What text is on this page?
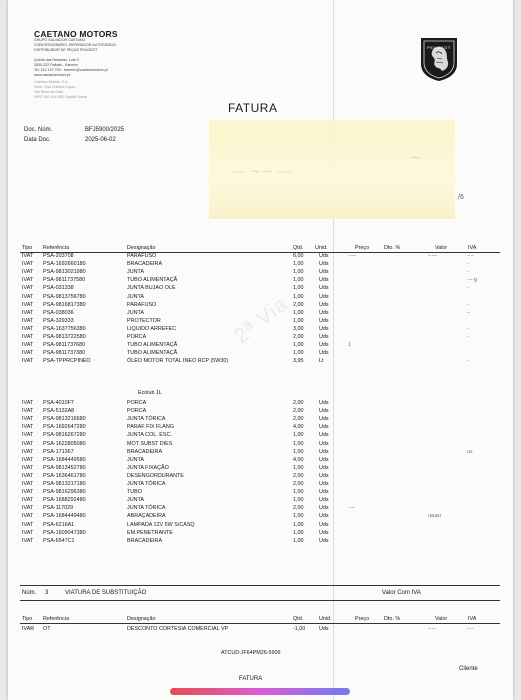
CAETANO MOTORS
GRUPO SALVADOR CAETANO
CONCESSIONÁRIO, REPARADOR AUTORIZADO,
DISTRIBUIDOR DE PEÇAS PEUGEOT
Quinta das Rebarias, Lote 5
2830-222 Palhais - Barreiro
Tel: 212 147 700 - barreiro@caetanomotors.pt
www.caetanomotors.pt
Caetano Motors, S.A.
Sede: Rua Teixeira Lopes
Vila Nova de Gaia
NIPC 500 X16 982 Capital Social
PEUGEOT
— ~~ —
~
FATURA
Doc. Núm.	BFJ5900/2025
Data Doc.	2025-06-02
/6
Tipo Referência	Designação	Qtd. Unid.	Preço	Dto. %	Valor	IVA
IVAT PSA-203708	PARAFUSO	6,00	Uds	- ----	-- ----	-- --
IVAT PSA-1692660180	BRACADEIRA	1,00	Uds	-
IVAT PSA-9813021980	JUNTA	1,00	Uds	-
IVAT PSA-9811737580	TUBO ALIMENTAÇÃ	1,00	Uds	- -- -g
IVAT PSA-031338	JUNTA BUJAO OLE	1,00	Uds	-
IVAT PSA-9813756780	JUNTA	1,00	Uds
IVAT PSA-9816817380	PARAFUSO	2,00	Uds	-
IVAT PSA-038036	JUNTA	1,00	Uds	--
IVAT PSA-329333	PROTECTOR	1,00	Uds
IVAT PSA-1637756380	LIQUIDO ARREFEC	3,00	Uds	-
IVAT PSA-9813722580	PORCA	2,00	Uds	-
IVAT PSA-9811737680	TUBO ALIMENTAÇÃ	1,00	Uds	1
IVAT PSA-9811737380	TUBO ALIMENTAÇÃ	1,00	Uds
IVAT PSA-TPPRCPINEO	ÓLEO MOTOR TOTAL INEO RCP (5W30)	3,95	Lt	-
Ecolub 1L
IVAT PSA-4010F7	PORCA	2,00	Uds
IVAT PSA-5132A8	PORCA	2,00	Uds
IVAT PSA-9813216680	JUNTA TÓRICA	2,00	Uds
IVAT PSA-1692647280	PARAF FIX FLANG	4,00	Uds
IVAT PSA-9816267280	JUNTA COL. ESC.	1,00	Uds
IVAT PSA-1622805080	MOT SUBST DIES	1,00	Uds
IVAT PSA-171367	BRACADEIRA	1,00	Uds	uu
IVAT PSA-1684449580	JUNTA	4,00	Uds
IVAT PSA-9813452780	JUNTA FIXAÇÃO	1,00	Uds
IVAT PSA-1636461780	DESENGORDURANTE	2,00	Uds
IVAT PSA-9813217180	JUNTA TÓRICA	2,00	Uds
IVAT PSA-9816296380	TUBO	1,00	Uds
IVAT PSA-1688292480	JUNTA	1,00	Uds
IVAT PSA-117029	JUNTA TÓRICA	2,00	Uds	- ---
IVAT PSA-1684449480	ABRAÇADEIRA	1,00	Uds	uuuuu
IVAT PSA-6216A1	LAMPADA 12V 5W S/CASQ	1,00	Uds
IVAT PSA-1609047380	EM.PENETRANTE	1,00	Uds
IVAT PSA-6547C1	BRACADEIRA	1,00	Uds
2ª Via
Núm. 3	VIATURA DE SUBSTITUIÇÃO	Valor Com IVA
Tipo Referência	Designação	Qtd.	Unid.	Preço	Dto. %	Valor	IVA
IVAR OT	DESCONTO CORTESIA COMERCIAL VP	-1,00	Uds	-- ---	-- --
ATCUD:JF64PM26-5906
Cliente
FATURA
